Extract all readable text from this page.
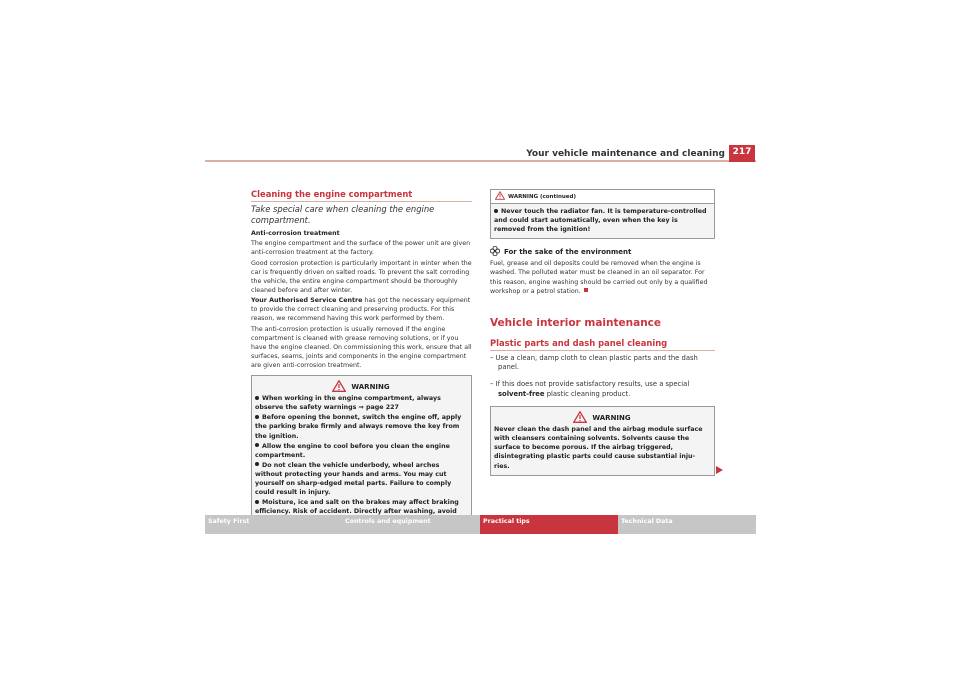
Your vehicle maintenance and cleaning 217
Cleaning the engine compartment
Take special care when cleaning the engine compartment.

Anti-corrosion treatment

The engine compartment and the surface of the power unit are given anti-corrosion treatment at the factory.

Good corrosion protection is particularly important in winter when the car is frequently driven on salted roads. To prevent the salt corroding the vehicle, the entire engine compartment should be thoroughly cleaned before and after winter.

Your Authorised Service Centre has got the necessary equipment to provide the correct cleaning and preserving products. For this reason, we recommend having this work performed by them.

The anti-corrosion protection is usually removed if the engine compartment is cleaned with grease removing solutions, or if you have the engine cleaned. On commissioning this work, ensure that all surfaces, seams, joints and components in the engine compartment are given anti-corrosion treatment.

WARNING

When working in the engine compartment, always observe the safety warnings ⇒ page 227

Before opening the bonnet, switch the engine off, apply the parking brake firmly and always remove the key from the ignition.

Allow the engine to cool before you clean the engine compartment.

Do not clean the vehicle underbody, wheel arches without protecting your hands and arms. You may cut yourself on sharp-edged metal parts. Failure to comply could result in injury.

Moisture, ice and salt on the brakes may affect braking efficiency. Risk of accident. Directly after washing, avoid

WARNING (continued)

Never touch the radiator fan. It is temperature-controlled and could start automatically, even when the key is removed from the ignition!

For the sake of the environment

Fuel, grease and oil deposits could be removed when the engine is washed. The polluted water must be cleaned in an oil separator. For this reason, engine washing should be carried out only by a qualified workshop or a petrol station.

Vehicle interior maintenance
Plastic parts and dash panel cleaning

– Use a clean, damp cloth to clean plastic parts and the dash panel.

– If this does not provide satisfactory results, use a special solvent-free plastic cleaning product.

WARNING

Never clean the dash panel and the airbag module surface with cleansers containing solvents. Solvents cause the surface to become porous. If the airbag triggered, disintegrating plastic parts could cause substantial inju-ries.

Safety First	Controls and equipment	Practical tips	Technical Data
